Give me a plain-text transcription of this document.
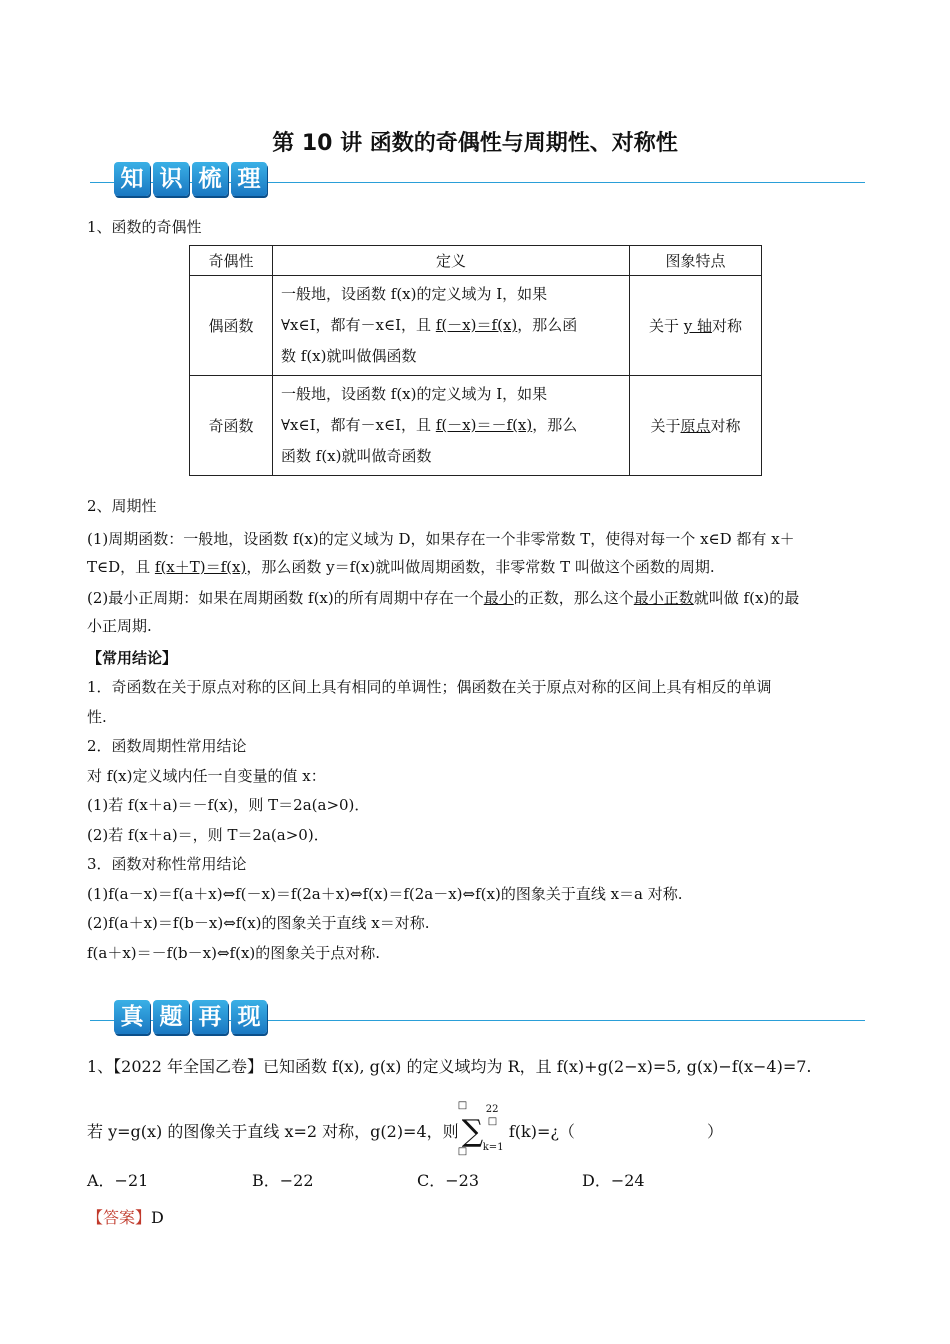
第 10 讲 函数的奇偶性与周期性、对称性
知 识 梳 理
1、函数的奇偶性
奇偶性	定义	图象特点
偶函数	一般地，设函数 f(x)的定义域为 I，如果
∀x∈I，都有－x∈I，且 f(－x)＝f(x)，那么函
数 f(x)就叫做偶函数	关于 y 轴对称
奇函数	一般地，设函数 f(x)的定义域为 I，如果
∀x∈I，都有－x∈I，且 f(－x)＝－f(x)，那么
函数 f(x)就叫做奇函数	关于原点对称
2、周期性
(1)周期函数：一般地，设函数 f(x)的定义域为 D，如果存在一个非零常数 T，使得对每一个 x∈D 都有 x＋
T∈D，且 f(x＋T)＝f(x)，那么函数 y＝f(x)就叫做周期函数，非零常数 T 叫做这个函数的周期.
(2)最小正周期：如果在周期函数 f(x)的所有周期中存在一个最小的正数，那么这个最小正数就叫做 f(x)的最
小正周期.
【常用结论】
1．奇函数在关于原点对称的区间上具有相同的单调性；偶函数在关于原点对称的区间上具有相反的单调
性.
2．函数周期性常用结论
对 f(x)定义域内任一自变量的值 x：
(1)若 f(x＋a)＝－f(x)，则 T＝2a(a>0)．
(2)若 f(x＋a)＝，则 T＝2a(a>0)．
3．函数对称性常用结论
(1)f(a－x)＝f(a＋x)⇔f(－x)＝f(2a＋x)⇔f(x)＝f(2a－x)⇔f(x)的图象关于直线 x＝a 对称.
(2)f(a＋x)＝f(b－x)⇔f(x)的图象关于直线 x＝对称.
f(a＋x)＝－f(b－x)⇔f(x)的图象关于点对称.
真 题 再 现
1、【2022 年全国乙卷】已知函数 f(x), g(x) 的定义域均为 R，且 f(x)+g(2−x)=5, g(x)−f(x−4)=7.
若 y=g(x) 的图像关于直线 x=2 对称，g(2)=4，则 ∑
□
□
22
□
k=1
f(k)=¿（	）
A．−21	B．−22	C．−23	D．−24
【答案】D
